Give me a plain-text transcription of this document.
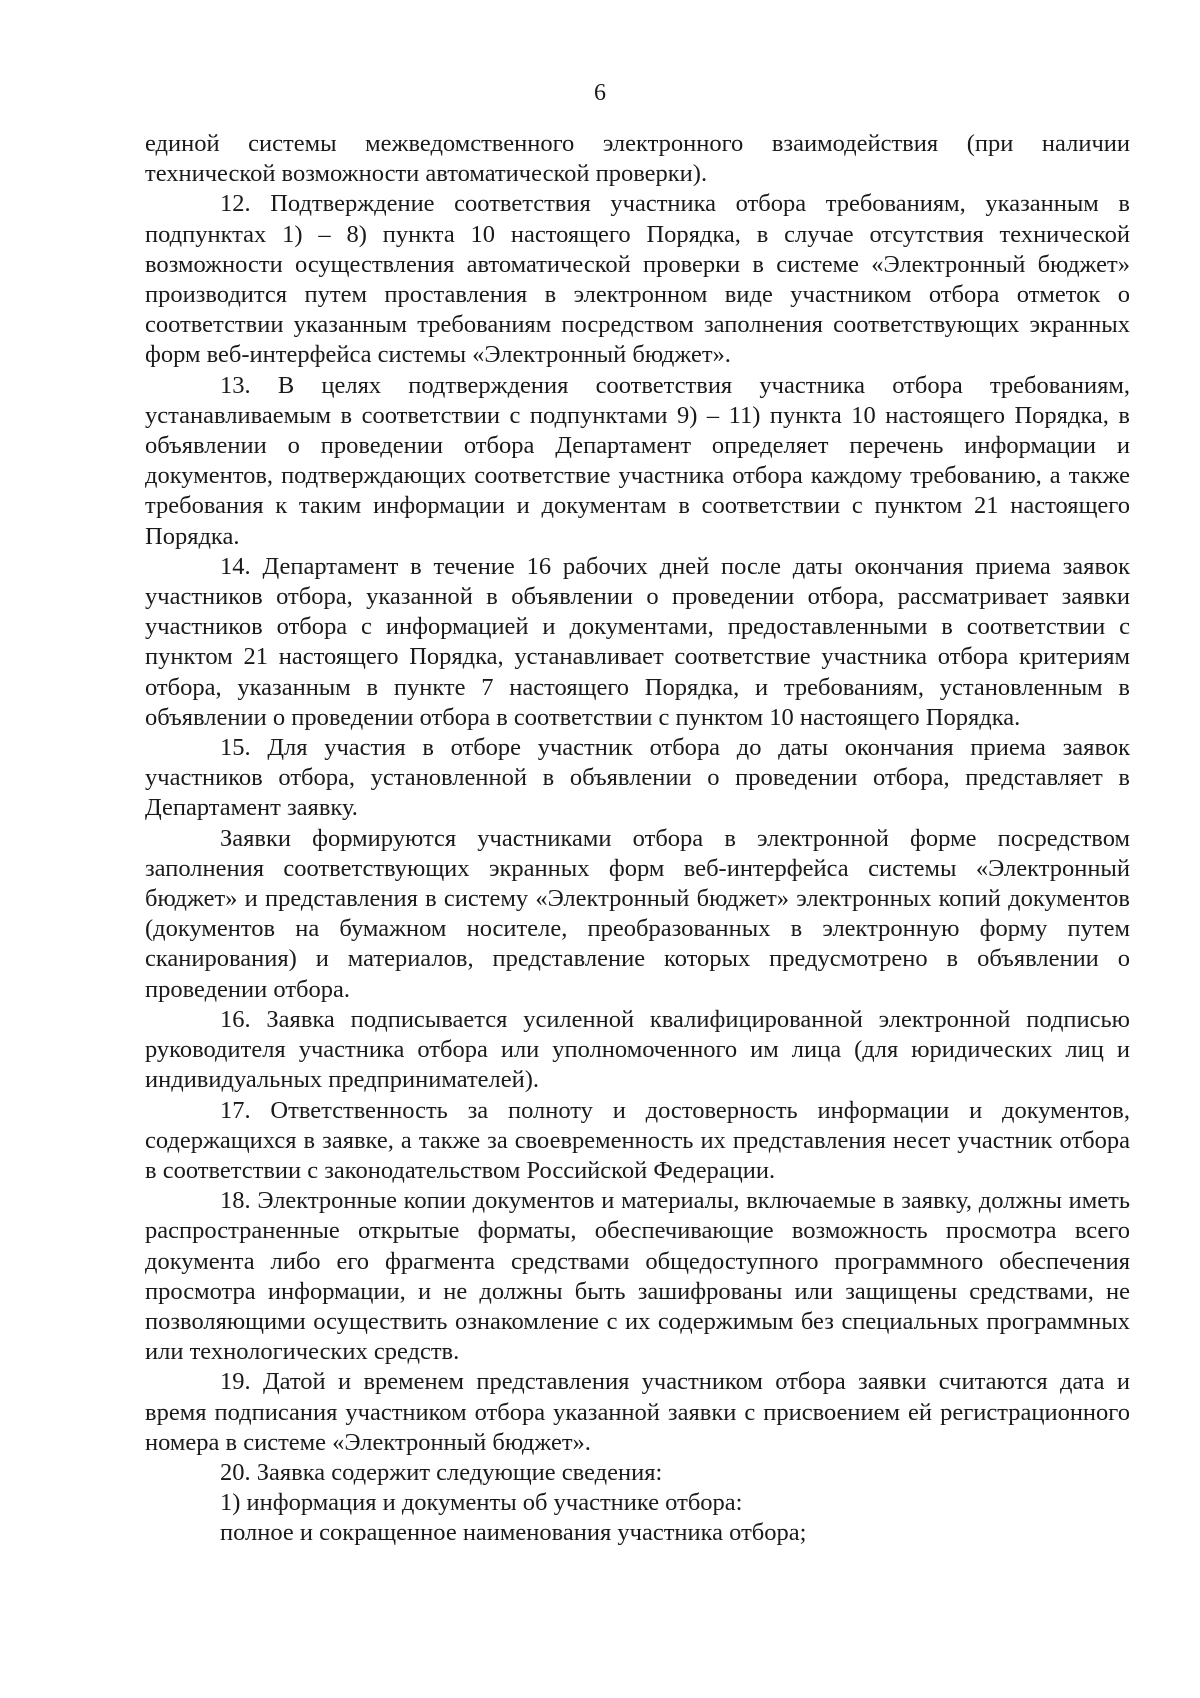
6

единой системы межведомственного электронного взаимодействия (при наличии технической возможности автоматической проверки).

12. Подтверждение соответствия участника отбора требованиям, указанным в подпунктах 1) – 8) пункта 10 настоящего Порядка, в случае отсутствия технической возможности осуществления автоматической проверки в системе «Электронный бюджет» производится путем проставления в электронном виде участником отбора отметок о соответствии указанным требованиям посредством заполнения соответствующих экранных форм веб-интерфейса системы «Электронный бюджет».

13. В целях подтверждения соответствия участника отбора требованиям, устанавливаемым в соответствии с подпунктами 9) – 11) пункта 10 настоящего Порядка, в объявлении о проведении отбора Департамент определяет перечень информации и документов, подтверждающих соответствие участника отбора каждому требованию, а также требования к таким информации и документам в соответствии с пунктом 21 настоящего Порядка.

14. Департамент в течение 16 рабочих дней после даты окончания приема заявок участников отбора, указанной в объявлении о проведении отбора, рассматривает заявки участников отбора с информацией и документами, предоставленными в соответствии с пунктом 21 настоящего Порядка, устанавливает соответствие участника отбора критериям отбора, указанным в пункте 7 настоящего Порядка, и требованиям, установленным в объявлении о проведении отбора в соответствии с пунктом 10 настоящего Порядка.

15. Для участия в отборе участник отбора до даты окончания приема заявок участников отбора, установленной в объявлении о проведении отбора, представляет в Департамент заявку.

Заявки формируются участниками отбора в электронной форме посредством заполнения соответствующих экранных форм веб-интерфейса системы «Электронный бюджет» и представления в систему «Электронный бюджет» электронных копий документов (документов на бумажном носителе, преобразованных в электронную форму путем сканирования) и материалов, представление которых предусмотрено в объявлении о проведении отбора.

16. Заявка подписывается усиленной квалифицированной электронной подписью руководителя участника отбора или уполномоченного им лица (для юридических лиц и индивидуальных предпринимателей).

17. Ответственность за полноту и достоверность информации и документов, содержащихся в заявке, а также за своевременность их представления несет участник отбора в соответствии с законодательством Российской Федерации.

18. Электронные копии документов и материалы, включаемые в заявку, должны иметь распространенные открытые форматы, обеспечивающие возможность просмотра всего документа либо его фрагмента средствами общедоступного программного обеспечения просмотра информации, и не должны быть зашифрованы или защищены средствами, не позволяющими осуществить ознакомление с их содержимым без специальных программных или технологических средств.

19. Датой и временем представления участником отбора заявки считаются дата и время подписания участником отбора указанной заявки с присвоением ей регистрационного номера в системе «Электронный бюджет».

20. Заявка содержит следующие сведения:

1) информация и документы об участнике отбора:

полное и сокращенное наименования участника отбора;
